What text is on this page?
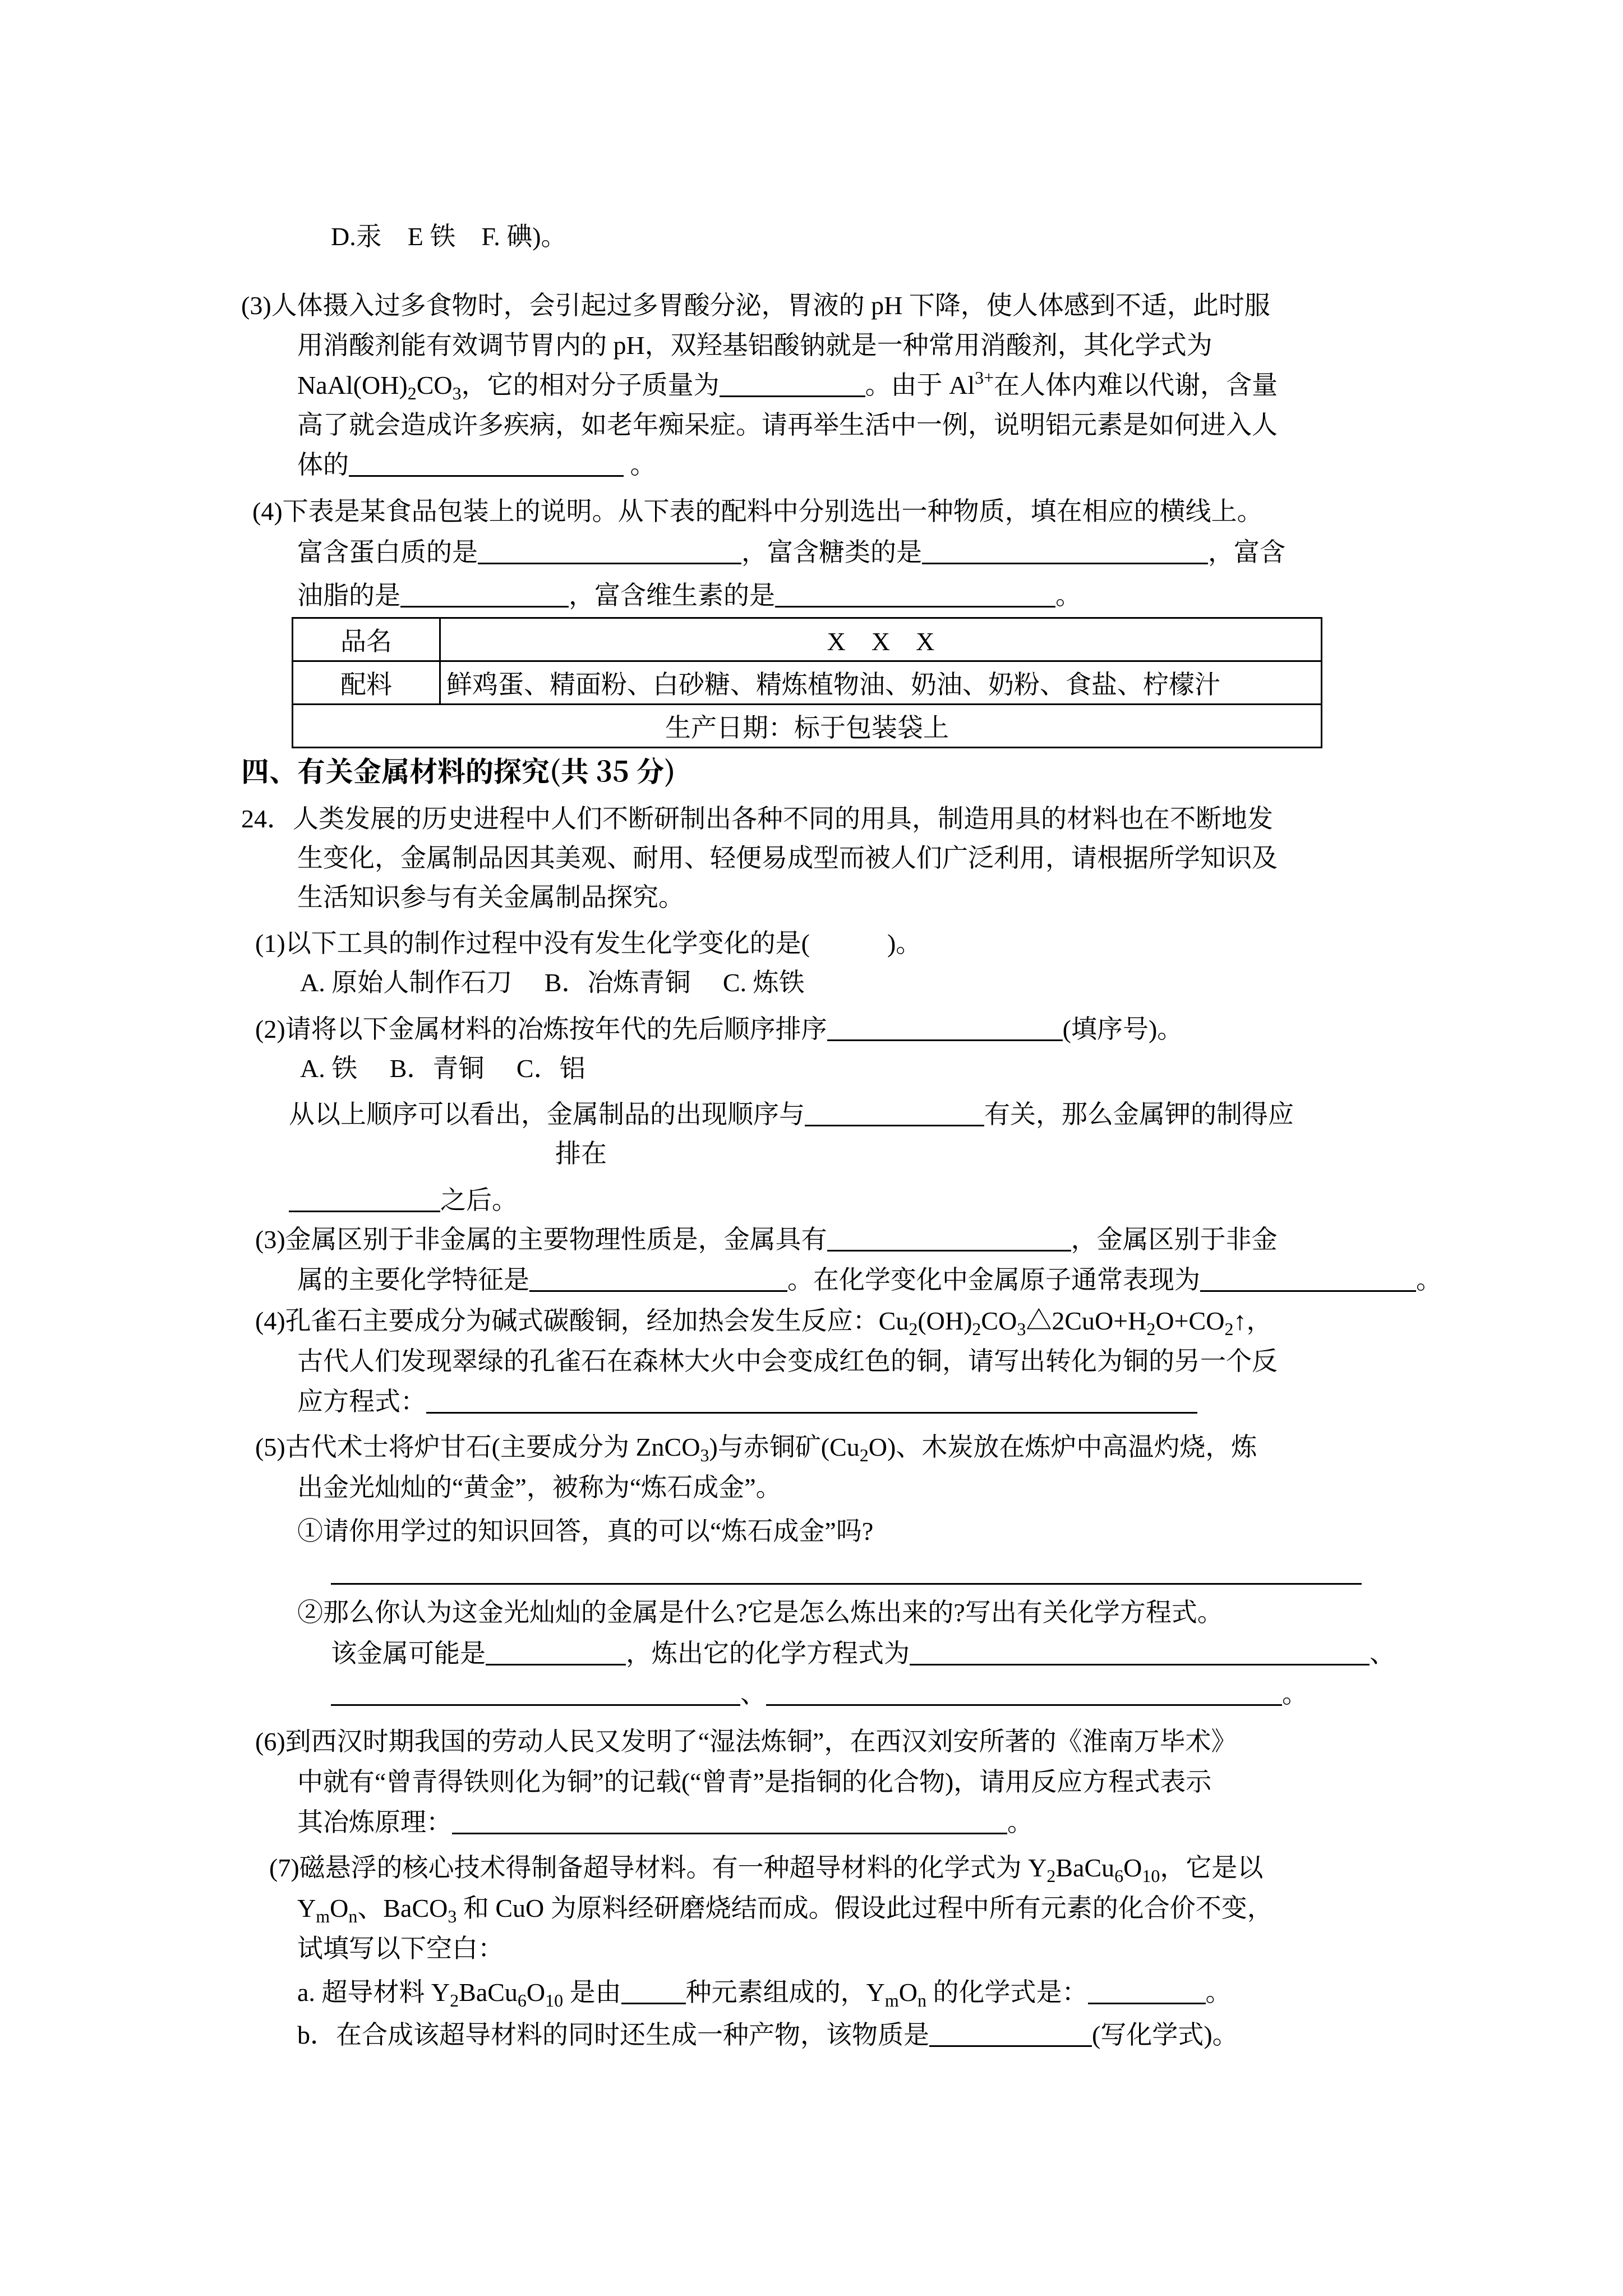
D.汞　E 铁　F. 碘)。
(3)人体摄入过多食物时，会引起过多胃酸分泌，胃液的 pH 下降，使人体感到不适，此时服
用消酸剂能有效调节胃内的 pH，双羟基铝酸钠就是一种常用消酸剂，其化学式为
$NaAl(OH)_2CO_3$，它的相对分子质量为	。由于 $Al^{3+}$在人体内难以代谢，含量
高了就会造成许多疾病，如老年痴呆症。请再举生活中一例，说明铝元素是如何进入人
体的	。
(4)下表是某食品包装上的说明。从下表的配料中分别选出一种物质，填在相应的横线上。
富含蛋白质的是	，富含糖类的是	，富含
油脂的是	，富含维生素的是	。
品名	X　X　X
配料	鲜鸡蛋、精面粉、白砂糖、精炼植物油、奶油、奶粉、食盐、柠檬汁
生产日期：标于包装袋上	
四、有关金属材料的探究(共 35 分)
24．人类发展的历史进程中人们不断研制出各种不同的用具，制造用具的材料也在不断地发
生变化，金属制品因其美观、耐用、轻便易成型而被人们广泛利用，请根据所学知识及
生活知识参与有关金属制品探究。
(1)以下工具的制作过程中没有发生化学变化的是(　　　)。
A. 原始人制作石刀　 B．冶炼青铜　 C. 炼铁
(2)请将以下金属材料的冶炼按年代的先后顺序排序	(填序号)。
A. 铁　 B．青铜　 C．铝
从以上顺序可以看出，金属制品的出现顺序与	有关，那么金属钾的制得应
排在
之后。
(3)金属区别于非金属的主要物理性质是，金属具有	，金属区别于非金
属的主要化学特征是	。在化学变化中金属原子通常表现为	。
(4)孔雀石主要成分为碱式碳酸铜，经加热会发生反应：$Cu_2(OH)_2CO_3\triangle 2CuO+H_2O+CO_2↑$，
古代人们发现翠绿的孔雀石在森林大火中会变成红色的铜，请写出转化为铜的另一个反
应方程式：
(5)古代术士将炉甘石(主要成分为 ZnCO$_3$)与赤铜矿$(Cu_2O)$、木炭放在炼炉中高温灼烧，炼
出金光灿灿的“黄金”，被称为“炼石成金”。
①请你用学过的知识回答，真的可以“炼石成金”吗?
②那么你认为这金光灿灿的金属是什么?它是怎么炼出来的?写出有关化学方程式。
该金属可能是	，炼出它的化学方程式为	、
、	。
(6)到西汉时期我国的劳动人民又发明了“湿法炼铜”，在西汉刘安所著的《淮南万毕术》
中就有“曾青得铁则化为铜”的记载(“曾青”是指铜的化合物)，请用反应方程式表示
其冶炼原理：	。
(7)磁悬浮的核心技术得制备超导材料。有一种超导材料的化学式为 $Y_2BaCu_6O_{10}$，它是以
$Y_mO_n$、BaCO$_3$ 和 CuO 为原料经研磨烧结而成。假设此过程中所有元素的化合价不变，
试填写以下空白：
a. 超导材料 $Y_2BaCu_6O_{10}$ 是由	种元素组成的，$Y_mO_n$ 的化学式是：	。
b．在合成该超导材料的同时还生成一种产物，该物质是	(写化学式)。
